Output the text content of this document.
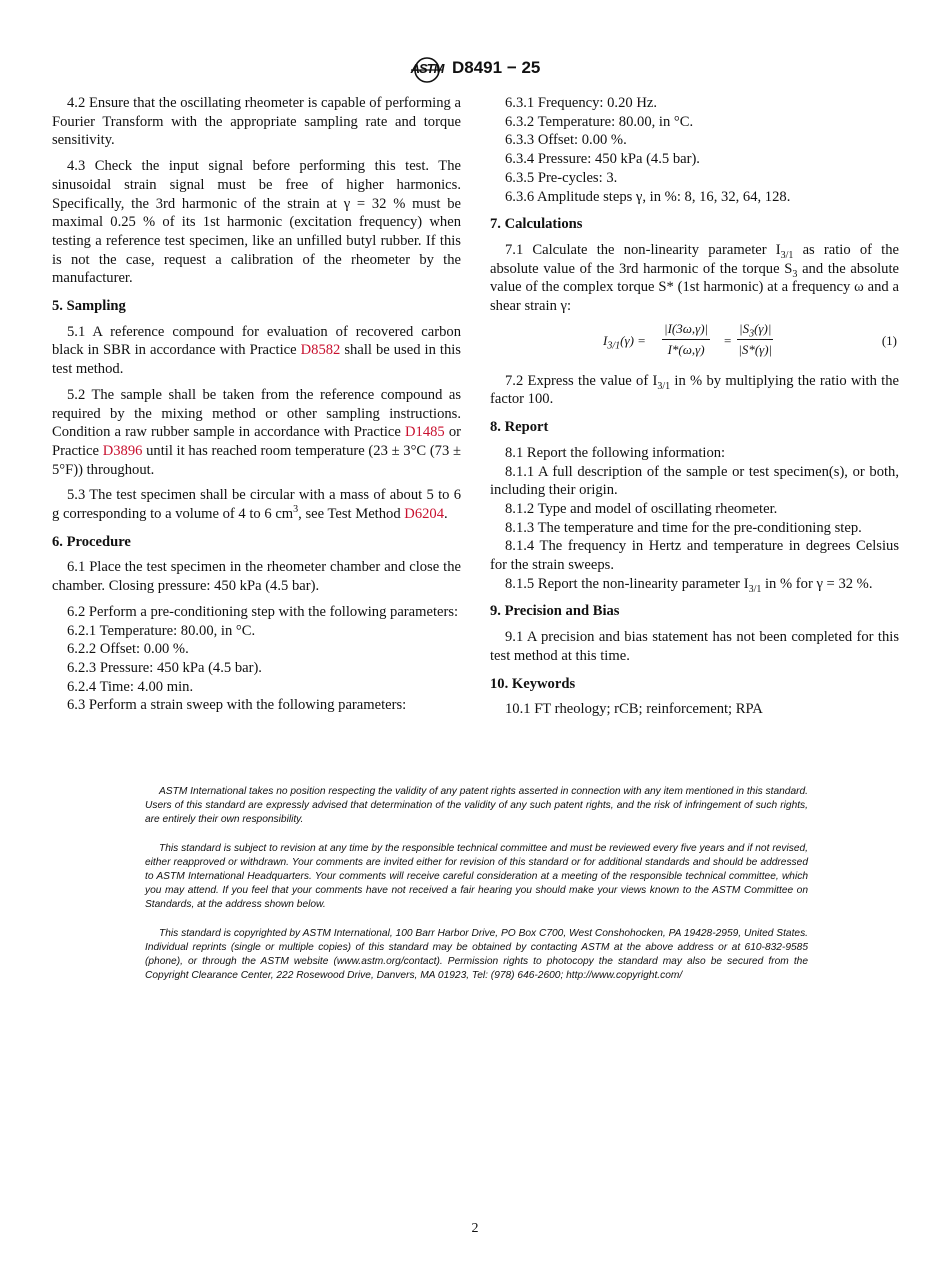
ASTM D8491 − 25

4.2 Ensure that the oscillating rheometer is capable of performing a Fourier Transform with the appropriate sampling rate and torque sensitivity.

4.3 Check the input signal before performing this test. The sinusoidal strain signal must be free of higher harmonics. Specifically, the 3rd harmonic of the strain at γ = 32 % must be maximal 0.25 % of its 1st harmonic (excitation frequency) when testing a reference test specimen, like an unfilled butyl rubber. If this is not the case, request a calibration of the rheometer by the manufacturer.

5. Sampling

5.1 A reference compound for evaluation of recovered carbon black in SBR in accordance with Practice D8582 shall be used in this test method.

5.2 The sample shall be taken from the reference compound as required by the mixing method or other sampling instructions. Condition a raw rubber sample in accordance with Practice D1485 or Practice D3896 until it has reached room temperature (23 ± 3°C (73 ± 5°F)) throughout.

5.3 The test specimen shall be circular with a mass of about 5 to 6 g corresponding to a volume of 4 to 6 $cm^3$, see Test Method D6204.

6. Procedure

6.1 Place the test specimen in the rheometer chamber and close the chamber. Closing pressure: 450 kPa (4.5 bar).

6.2 Perform a pre-conditioning step with the following parameters:

6.2.1 Temperature: 80.00, in °C.

6.2.2 Offset: 0.00 %.

6.2.3 Pressure: 450 kPa (4.5 bar).

6.2.4 Time: 4.00 min.

6.3 Perform a strain sweep with the following parameters:

6.3.1 Frequency: 0.20 Hz.

6.3.2 Temperature: 80.00, in °C.

6.3.3 Offset: 0.00 %.

6.3.4 Pressure: 450 kPa (4.5 bar).

6.3.5 Pre-cycles: 3.

6.3.6 Amplitude steps γ, in %: 8, 16, 32, 64, 128.

7. Calculations

7.1 Calculate the non-linearity parameter $I_{3/1}$ as ratio of the absolute value of the 3rd harmonic of the torque $S_3$ and the absolute value of the complex torque S* (1st harmonic) at a frequency ω and a shear strain γ:

$I_{3/1}(\gamma) = \frac{|I(3\omega,\gamma)|}{I*(\omega,\gamma)} = \frac{|S_3(\gamma)|}{|S*(\gamma)|}$	(1)

7.2 Express the value of $I_{3/1}$ in % by multiplying the ratio with the factor 100.

8. Report

8.1 Report the following information:

8.1.1 A full description of the sample or test specimen(s), or both, including their origin.

8.1.2 Type and model of oscillating rheometer.

8.1.3 The temperature and time for the pre-conditioning step.

8.1.4 The frequency in Hertz and temperature in degrees Celsius for the strain sweeps.

8.1.5 Report the non-linearity parameter $I_{3/1}$ in % for γ = 32 %.

9. Precision and Bias

9.1 A precision and bias statement has not been completed for this test method at this time.

10. Keywords

10.1 FT rheology; rCB; reinforcement; RPA

ASTM International takes no position respecting the validity of any patent rights asserted in connection with any item mentioned in this standard. Users of this standard are expressly advised that determination of the validity of any such patent rights, and the risk of infringement of such rights, are entirely their own responsibility.

This standard is subject to revision at any time by the responsible technical committee and must be reviewed every five years and if not revised, either reapproved or withdrawn. Your comments are invited either for revision of this standard or for additional standards and should be addressed to ASTM International Headquarters. Your comments will receive careful consideration at a meeting of the responsible technical committee, which you may attend. If you feel that your comments have not received a fair hearing you should make your views known to the ASTM Committee on Standards, at the address shown below.

This standard is copyrighted by ASTM International, 100 Barr Harbor Drive, PO Box C700, West Conshohocken, PA 19428-2959, United States. Individual reprints (single or multiple copies) of this standard may be obtained by contacting ASTM at the above address or at 610-832-9585 (phone), or through the ASTM website (www.astm.org/contact). Permission rights to photocopy the standard may also be secured from the Copyright Clearance Center, 222 Rosewood Drive, Danvers, MA 01923, Tel: (978) 646-2600; http://www.copyright.com/

2
